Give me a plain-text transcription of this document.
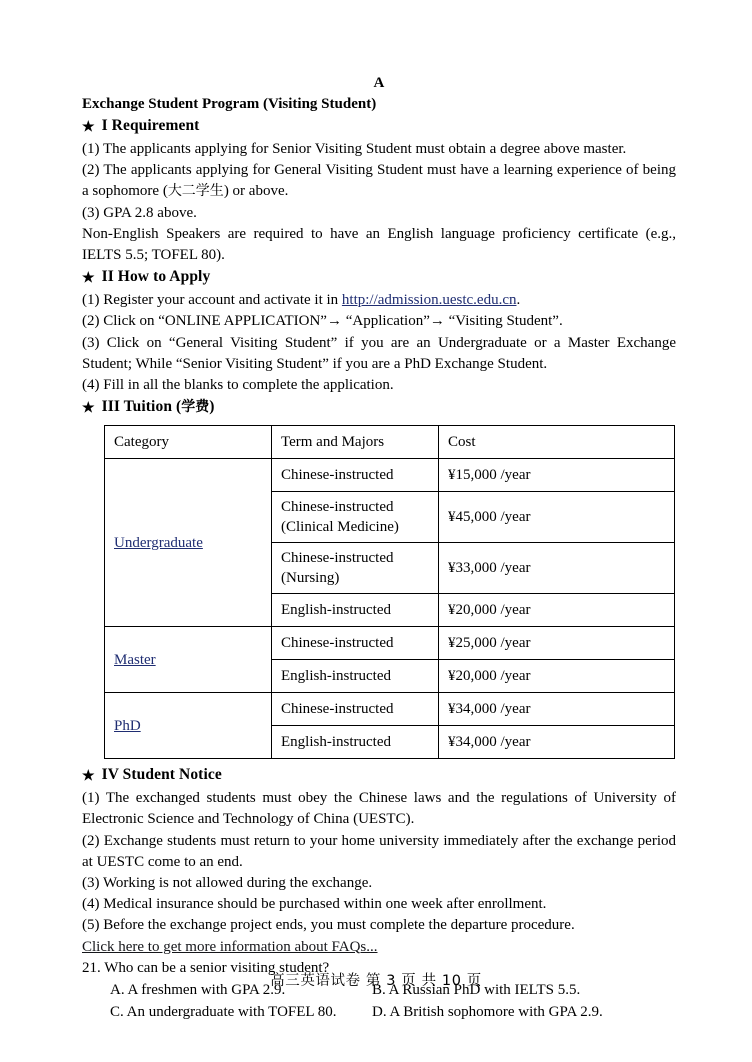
A
Exchange Student Program (Visiting Student)
★ I Requirement

(1) The applicants applying for Senior Visiting Student must obtain a degree above master.

(2) The applicants applying for General Visiting Student must have a learning experience of being a sophomore (大二学生) or above.

(3) GPA 2.8 above.

Non-English Speakers are required to have an English language proficiency certificate (e.g., IELTS 5.5; TOFEL 80).

★ II How to Apply

(1) Register your account and activate it in http://admission.uestc.edu.cn.

(2) Click on “ONLINE APPLICATION”→ “Application”→ “Visiting Student”.

(3) Click on “General Visiting Student” if you are an Undergraduate or a Master Exchange Student; While “Senior Visiting Student” if you are a PhD Exchange Student.

(4) Fill in all the blanks to complete the application.

★ III Tuition (学费)
Category	Term and Majors	Cost
Undergraduate	Chinese-instructed	¥15,000 /year
	Chinese-instructed
(Clinical Medicine)	¥45,000 /year
	Chinese-instructed
(Nursing)	¥33,000 /year
	English-instructed	¥20,000 /year
Master	Chinese-instructed	¥25,000 /year
	English-instructed	¥20,000 /year
PhD	Chinese-instructed	¥34,000 /year
	English-instructed	¥34,000 /year
★ IV Student Notice

(1) The exchanged students must obey the Chinese laws and the regulations of University of Electronic Science and Technology of China (UESTC).

(2) Exchange students must return to your home university immediately after the exchange period at UESTC come to an end.

(3) Working is not allowed during the exchange.

(4) Medical insurance should be purchased within one week after enrollment.

(5) Before the exchange project ends, you must complete the departure procedure.

Click here to get more information about FAQs...

21. Who can be a senior visiting student?

A. A freshmen with GPA 2.9.	B. A Russian PhD with IELTS 5.5.
C. An undergraduate with TOFEL 80.	D. A British sophomore with GPA 2.9.
高三英语试卷 第 3 页 共 10 页
